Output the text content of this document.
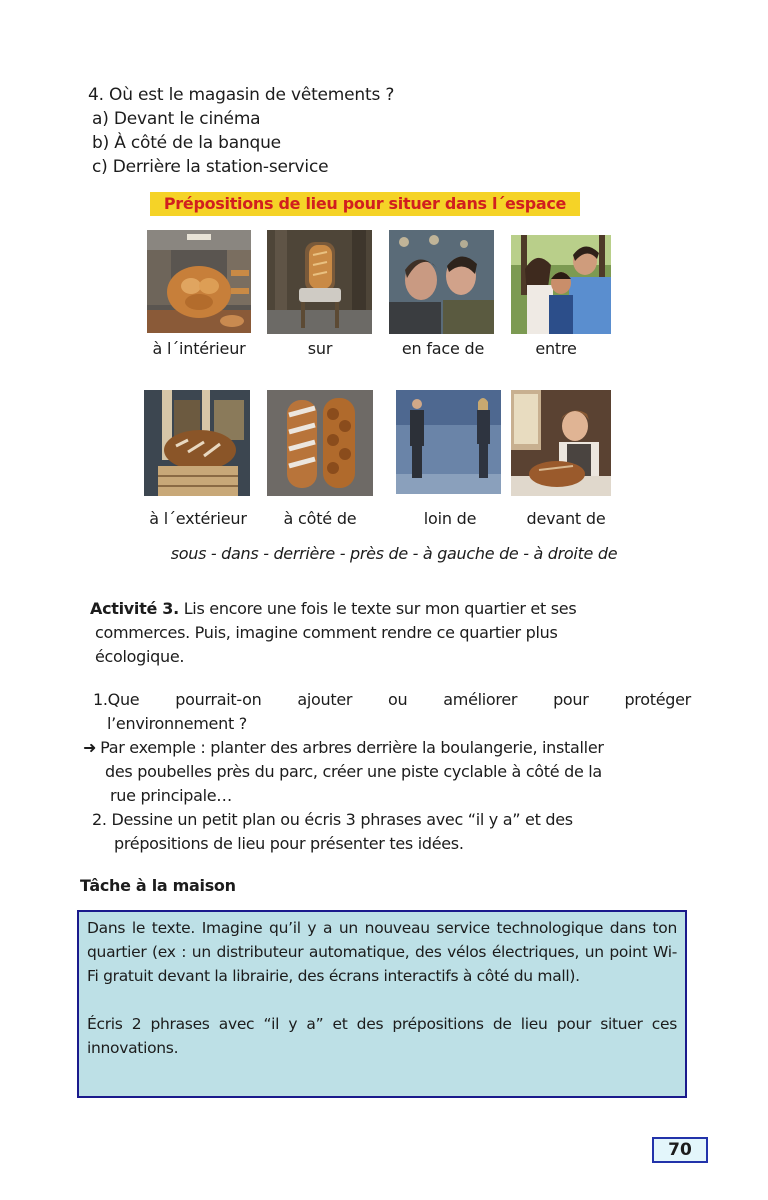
4. Où est le magasin de vêtements ?
a) Devant le cinéma
b) À côté de la banque
c) Derrière la station-service
Prépositions de lieu pour situer dans l´espace
à l´intérieur	sur	en face de	entre
à l´extérieur	à côté de	loin de	devant de
sous - dans - derrière - près de - à gauche de - à droite de
Activité 3. Lis encore une fois le texte sur mon quartier et ses
commerces. Puis, imagine comment rendre ce quartier plus
écologique.
1.Que pourrait-on ajouter ou améliorer pour protéger
l’environnement ?
➜ Par exemple : planter des arbres derrière la boulangerie, installer
des poubelles près du parc, créer une piste cyclable à côté de la
rue principale…
2. Dessine un petit plan ou écris 3 phrases avec “il y a” et des
prépositions de lieu pour présenter tes idées.
Tâche à la maison

Dans le texte. Imagine qu’il y a un nouveau service technologique dans ton quartier (ex : un distributeur automatique, des vélos électriques, un point Wi-Fi gratuit devant la librairie, des écrans interactifs à côté du mall).

Écris 2 phrases avec “il y a” et des prépositions de lieu pour situer ces innovations.

70
